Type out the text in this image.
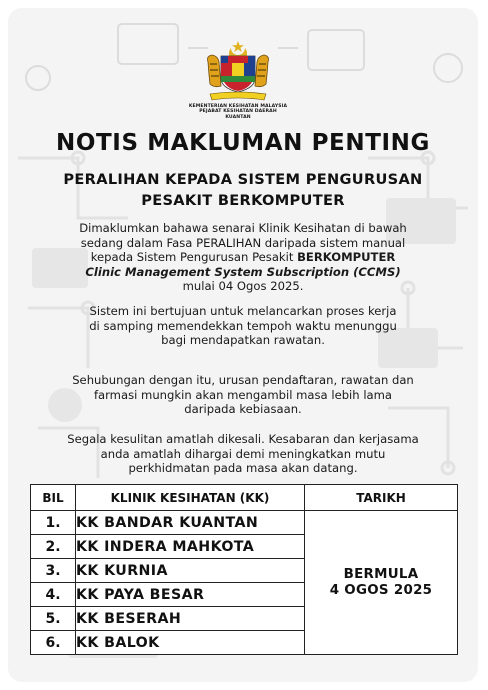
KEMENTERIAN KESIHATAN MALAYSIA
PEJABAT KESIHATAN DAERAH KUANTAN
NOTIS MAKLUMAN PENTING
PERALIHAN KEPADA SISTEM PENGURUSAN
PESAKIT BERKOMPUTER
Dimaklumkan bahawa senarai Klinik Kesihatan di bawah
sedang dalam Fasa PERALIHAN daripada sistem manual
kepada Sistem Pengurusan Pesakit BERKOMPUTER
Clinic Management System Subscription (CCMS)
mulai 04 Ogos 2025.
Sistem ini bertujuan untuk melancarkan proses kerja
di samping memendekkan tempoh waktu menunggu
bagi mendapatkan rawatan.
Sehubungan dengan itu, urusan pendaftaran, rawatan dan
farmasi mungkin akan mengambil masa lebih lama
daripada kebiasaan.
Segala kesulitan amatlah dikesali. Kesabaran dan kerjasama
anda amatlah dihargai demi meningkatkan mutu
perkhidmatan pada masa akan datang.
BIL	KLINIK KESIHATAN (KK)	TARIKH
1.	KK BANDAR KUANTAN	BERMULA
4 OGOS 2025

2.	KK INDERA MAHKOTA	
3.	KK KURNIA	
4.	KK PAYA BESAR	
5.	KK BESERAH	
6.	KK BALOK	
